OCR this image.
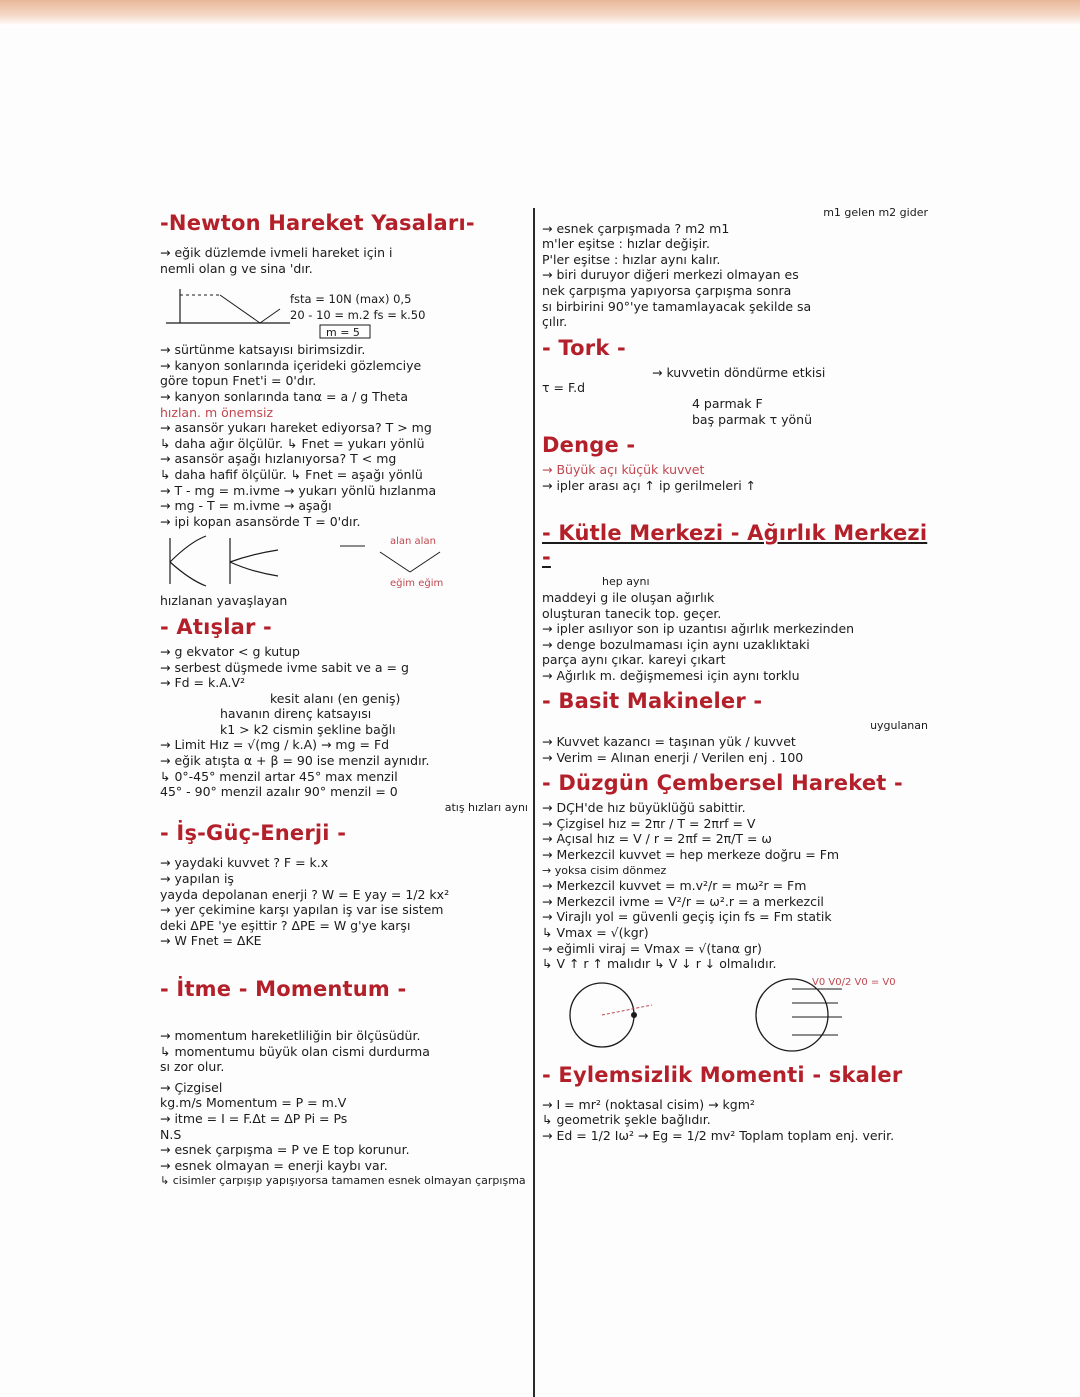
-Newton Hareket Yasaları-

→ eğik düzlemde ivmeli hareket için i

nemli olan g ve sina 'dır.

fsta = 10N (max) 0,5
20 - 10 = m.2 fs = k.50
m = 5

→ sürtünme katsayısı birimsizdir.

→ kanyon sonlarında içerideki gözlemciye

göre topun Fnet'i = 0'dır.

→ kanyon sonlarında tanα = a / g Theta

hızlan. m önemsiz

→ asansör yukarı hareket ediyorsa? T > mg

↳ daha ağır ölçülür. ↳ Fnet = yukarı yönlü

→ asansör aşağı hızlanıyorsa? T < mg

↳ daha hafif ölçülür. ↳ Fnet = aşağı yönlü

→ T - mg = m.ivme → yukarı yönlü hızlanma

→ mg - T = m.ivme → aşağı

→ ipi kopan asansörde T = 0'dır.

alan alan
eğim eğim

hızlanan yavaşlayan

- Atışlar -

→ g ekvator < g kutup

→ serbest düşmede ivme sabit ve a = g

→ Fd = k.A.V²

kesit alanı (en geniş)

havanın direnç katsayısı

k1 > k2 cismin şekline bağlı

→ Limit Hız = √(mg / k.A) → mg = Fd

→ eğik atışta α + β = 90 ise menzil aynıdır.

↳ 0°-45° menzil artar 45° max menzil

45° - 90° menzil azalır 90° menzil = 0

atış hızları aynı

- İş-Güç-Enerji -

→ yaydaki kuvvet ? F = k.x

→ yapılan iş

yayda depolanan enerji ? W = E yay = 1/2 kx²

→ yer çekimine karşı yapılan iş var ise sistem

deki ΔPE 'ye eşittir ? ΔPE = W g'ye karşı

→ W Fnet = ΔKE

- İtme - Momentum -

→ momentum hareketliliğin bir ölçüsüdür.

↳ momentumu büyük olan cismi durdurma

sı zor olur.

→ Çizgisel

kg.m/s Momentum = P = m.V

→ itme = I = F.Δt = ΔP Pi = Ps

N.S

→ esnek çarpışma = P ve E top korunur.

→ esnek olmayan = enerji kaybı var.

↳ cisimler çarpışıp yapışıyorsa tamamen esnek olmayan çarpışma

m1 gelen m2 gider

→ esnek çarpışmada ? m2 m1

m'ler eşitse : hızlar değişir.

P'ler eşitse : hızlar aynı kalır.

→ biri duruyor diğeri merkezi olmayan es

nek çarpışma yapıyorsa çarpışma sonra

sı birbirini 90°'ye tamamlayacak şekilde sa

çılır.

- Tork -

→ kuvvetin döndürme etkisi

τ = F.d

4 parmak F

baş parmak τ yönü

Denge -

→ Büyük açı küçük kuvvet

→ ipler arası açı ↑ ip gerilmeleri ↑

- Kütle Merkezi - Ağırlık Merkezi -

hep aynı

maddeyi g ile oluşan ağırlık

oluşturan tanecik top. geçer.

→ ipler asılıyor son ip uzantısı ağırlık merkezinden

→ denge bozulmaması için aynı uzaklıktaki

parça aynı çıkar. kareyi çıkart

→ Ağırlık m. değişmemesi için aynı torklu

- Basit Makineler -

uygulanan

→ Kuvvet kazancı = taşınan yük / kuvvet

→ Verim = Alınan enerji / Verilen enj . 100

- Düzgün Çembersel Hareket -

→ DÇH'de hız büyüklüğü sabittir.

→ Çizgisel hız = 2πr / T = 2πrf = V

→ Açısal hız = V / r = 2πf = 2π/T = ω

→ Merkezcil kuvvet = hep merkeze doğru = Fm

→ yoksa cisim dönmez

→ Merkezcil kuvvet = m.v²/r = mω²r = Fm

→ Merkezcil ivme = V²/r = ω².r = a merkezcil

→ Virajlı yol = güvenli geçiş için fs = Fm statik

↳ Vmax = √(kgr)

→ eğimli viraj = Vmax = √(tanα gr)

↳ V ↑ r ↑ malıdır ↳ V ↓ r ↓ olmalıdır.

V0 V0/2 V0 = V0
- Eylemsizlik Momenti - skaler

→ I = mr² (noktasal cisim) → kgm²

↳ geometrik şekle bağlıdır.

→ Ed = 1/2 Iω² → Eg = 1/2 mv² Toplam toplam enj. verir.
